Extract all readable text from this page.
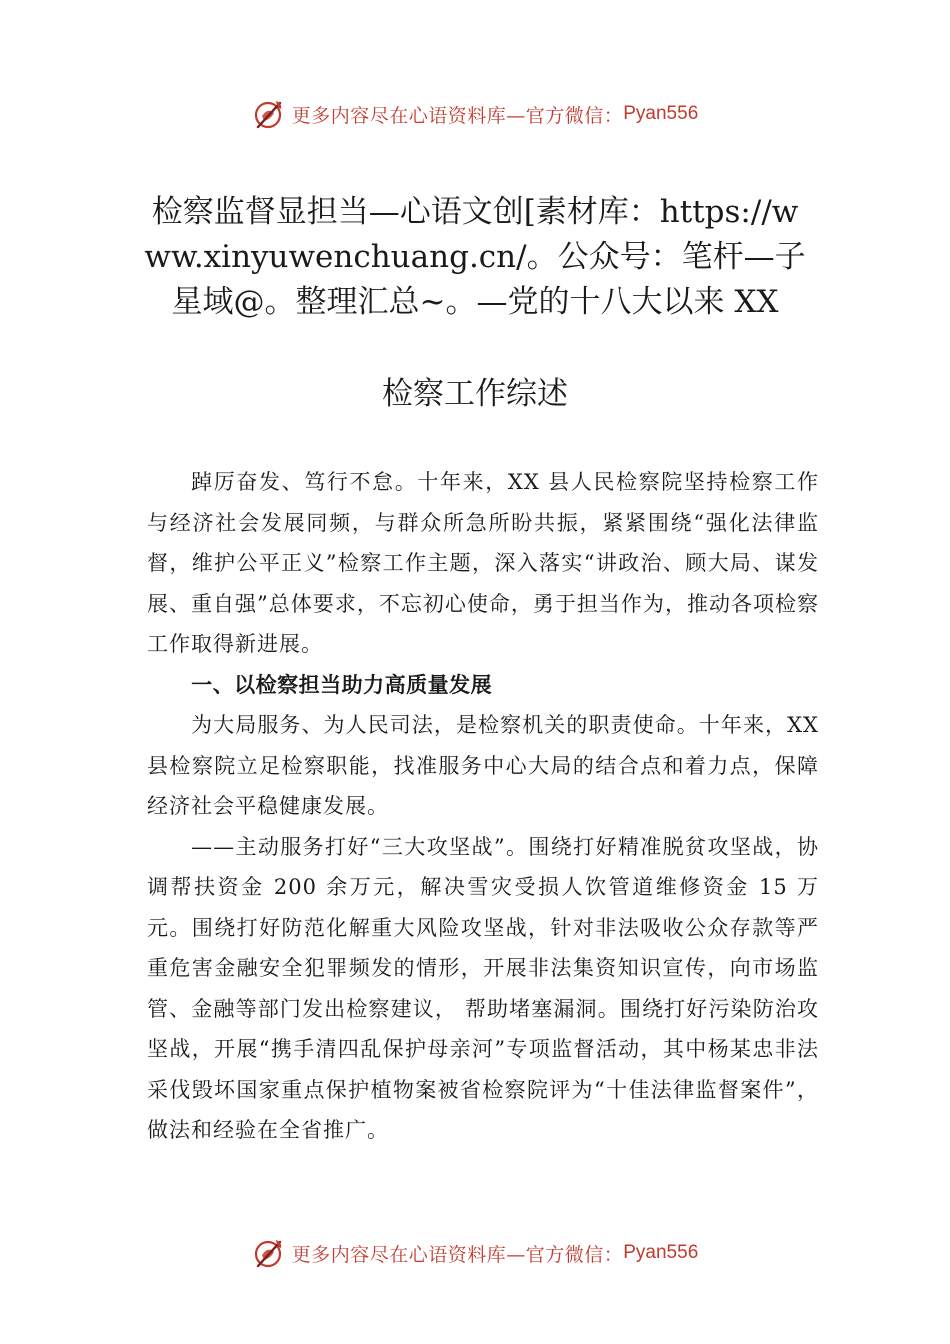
更多内容尽在心语资料库—官方微信： Pyan556
检察监督显担当—心语文创[素材库：https://www.xinyuwenchuang.cn/。公众号：笔杆—子星域@。整理汇总~。—党的十八大以来 XX
检察工作综述

踔厉奋发、笃行不怠。十年来，XX 县人民检察院坚持检察工作与经济社会发展同频，与群众所急所盼共振，紧紧围绕“强化法律监督，维护公平正义”检察工作主题，深入落实“讲政治、顾大局、谋发展、重自强”总体要求，不忘初心使命，勇于担当作为，推动各项检察工作取得新进展。

一、以检察担当助力高质量发展

为大局服务、为人民司法，是检察机关的职责使命。十年来，XX 县检察院立足检察职能，找准服务中心大局的结合点和着力点，保障经济社会平稳健康发展。

——主动服务打好“三大攻坚战”。围绕打好精准脱贫攻坚战，协调帮扶资金 200 余万元，解决雪灾受损人饮管道维修资金 15 万元。围绕打好防范化解重大风险攻坚战，针对非法吸收公众存款等严重危害金融安全犯罪频发的情形，开展非法集资知识宣传，向市场监管、金融等部门发出检察建议， 帮助堵塞漏洞。围绕打好污染防治攻坚战，开展“携手清四乱保护母亲河”专项监督活动，其中杨某忠非法采伐毁坏国家重点保护植物案被省检察院评为“十佳法律监督案件”，做法和经验在全省推广。

更多内容尽在心语资料库—官方微信： Pyan556
